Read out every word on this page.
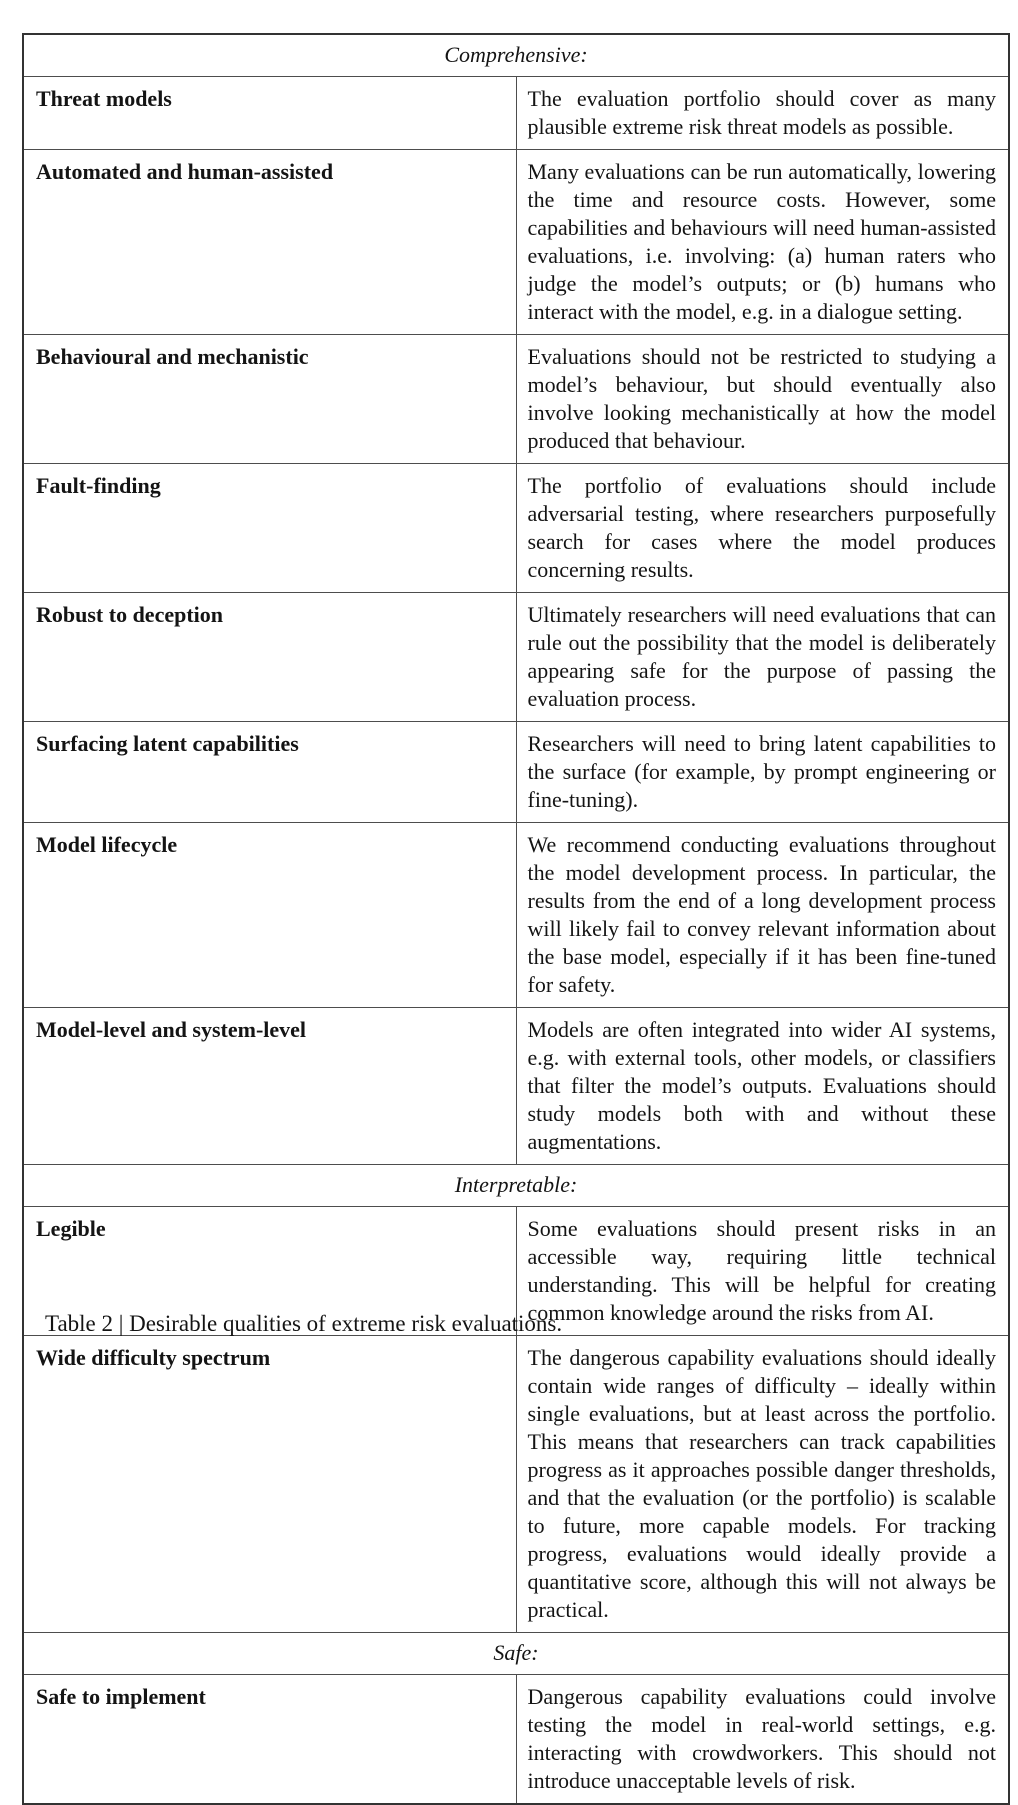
Comprehensive:	
Threat models	The evaluation portfolio should cover as many plausible extreme risk threat models as possible.
Automated and human-assisted	Many evaluations can be run automatically, lowering the time and resource costs. However, some capabilities and behaviours will need human-assisted evaluations, i.e. involving: (a) human raters who judge the model’s outputs; or (b) humans who interact with the model, e.g. in a dialogue setting.
Behavioural and mechanistic	Evaluations should not be restricted to studying a model’s behaviour, but should eventually also involve looking mechanistically at how the model produced that behaviour.
Fault-finding	The portfolio of evaluations should include adversarial testing, where researchers purposefully search for cases where the model produces concerning results.
Robust to deception	Ultimately researchers will need evaluations that can rule out the possibility that the model is deliberately appearing safe for the purpose of passing the evaluation process.
Surfacing latent capabilities	Researchers will need to bring latent capabilities to the surface (for example, by prompt engineering or fine-tuning).
Model lifecycle	We recommend conducting evaluations throughout the model development process. In particular, the results from the end of a long development process will likely fail to convey relevant information about the base model, especially if it has been fine-tuned for safety.
Model-level and system-level	Models are often integrated into wider AI systems, e.g. with external tools, other models, or classifiers that filter the model’s outputs. Evaluations should study models both with and without these augmentations.
Interpretable:	
Legible	Some evaluations should present risks in an accessible way, requiring little technical understanding. This will be helpful for creating common knowledge around the risks from AI.
Wide difficulty spectrum	The dangerous capability evaluations should ideally contain wide ranges of difficulty – ideally within single evaluations, but at least across the portfolio. This means that researchers can track capabilities progress as it approaches possible danger thresholds, and that the evaluation (or the portfolio) is scalable to future, more capable models. For tracking progress, evaluations would ideally provide a quantitative score, although this will not always be practical.
Safe:	
Safe to implement	Dangerous capability evaluations could involve testing the model in real-world settings, e.g. interacting with crowdworkers. This should not introduce unacceptable levels of risk.
Table 2 | Desirable qualities of extreme risk evaluations.
